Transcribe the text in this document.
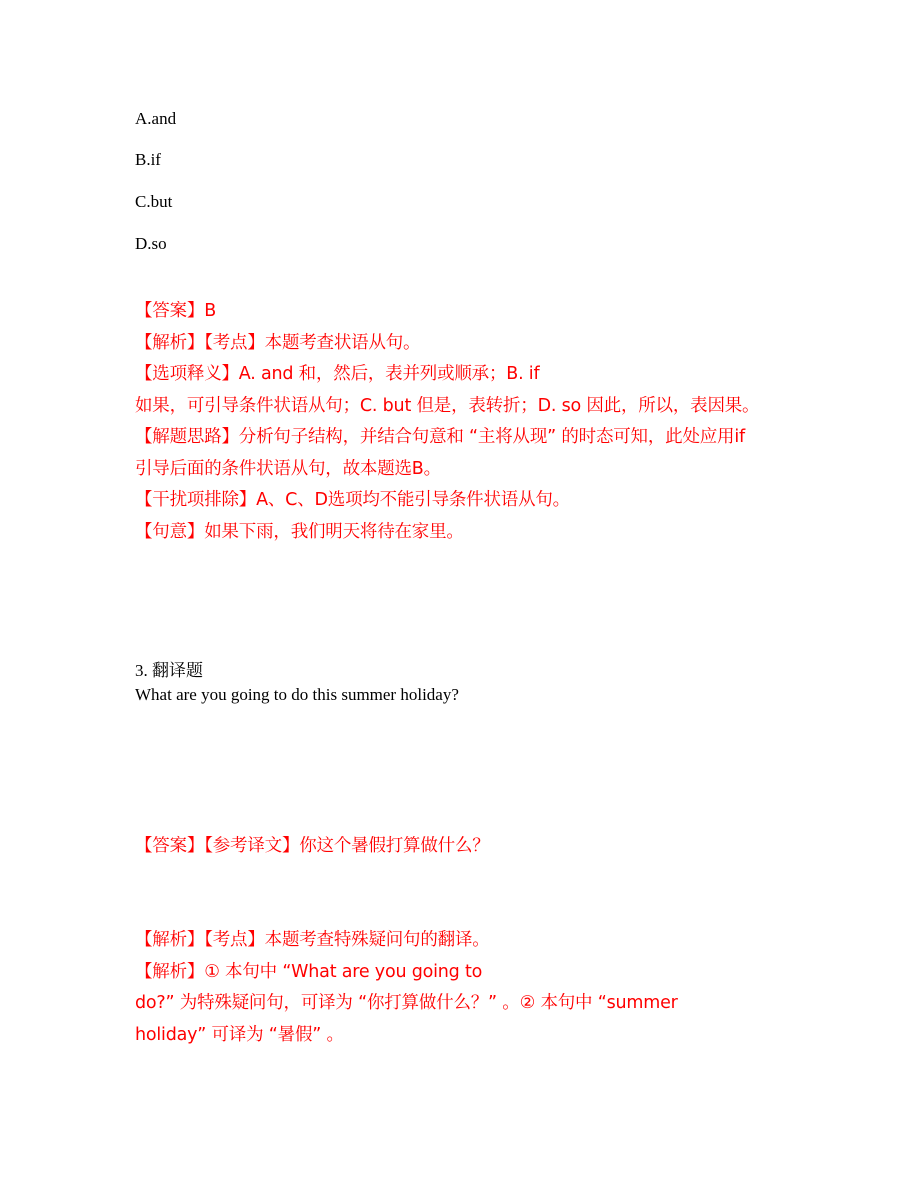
A.and

B.if

C.but

D.so

【答案】B
【解析】【考点】本题考查状语从句。
【选项释义】A. and 和，然后，表并列或顺承；B. if
如果，可引导条件状语从句；C. but 但是，表转折；D. so 因此，所以，表因果。
【解题思路】分析句子结构，并结合句意和 “主将从现” 的时态可知，此处应用if
引导后面的条件状语从句，故本题选B。
【干扰项排除】A、C、D选项均不能引导条件状语从句。
【句意】如果下雨，我们明天将待在家里。
3. 翻译题
What are you going to do this summer holiday?
【答案】【参考译文】你这个暑假打算做什么？
【解析】【考点】本题考查特殊疑问句的翻译。
【解析】① 本句中 “What are you going to
do?” 为特殊疑问句，可译为 “你打算做什么？” 。② 本句中 “summer
holiday” 可译为 “暑假” 。
